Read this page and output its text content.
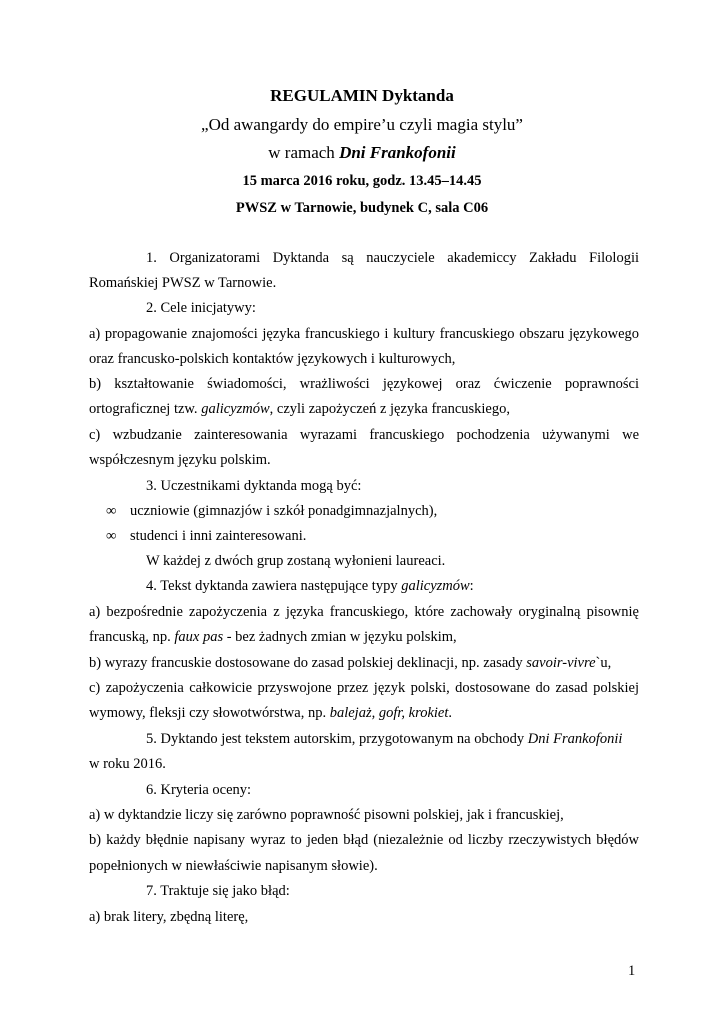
REGULAMIN Dyktanda
„Od awangardy do empire’u czyli magia stylu”
w ramach Dni Frankofonii
15 marca 2016 roku, godz. 13.45–14.45
PWSZ w Tarnowie, budynek C, sala C06
1. Organizatorami Dyktanda są nauczyciele akademiccy Zakładu Filologii
Romańskiej PWSZ w Tarnowie.
2. Cele inicjatywy:
a) propagowanie znajomości języka francuskiego i kultury francuskiego obszaru językowego
oraz francusko-polskich kontaktów językowych i kulturowych,
b) kształtowanie świadomości, wrażliwości językowej oraz ćwiczenie poprawności
ortograficznej tzw. galicyzmów, czyli zapożyczeń z języka francuskiego,
c) wzbudzanie zainteresowania wyrazami francuskiego pochodzenia używanymi we
współczesnym języku polskim.
3. Uczestnikami dyktanda mogą być:
∞ uczniowie (gimnazjów i szkół ponadgimnazjalnych),
∞ studenci i inni zainteresowani.
W każdej z dwóch grup zostaną wyłonieni laureaci.
4. Tekst dyktanda zawiera następujące typy galicyzmów:
a) bezpośrednie zapożyczenia z języka francuskiego, które zachowały oryginalną pisownię
francuską, np. faux pas - bez żadnych zmian w języku polskim,
b) wyrazy francuskie dostosowane do zasad polskiej deklinacji, np. zasady savoir-vivre`u,
c) zapożyczenia całkowicie przyswojone przez język polski, dostosowane do zasad polskiej
wymowy, fleksji czy słowotwórstwa, np. balejaż, gofr, krokiet.
5. Dyktando jest tekstem autorskim, przygotowanym na obchody Dni Frankofonii
w roku 2016.
6. Kryteria oceny:
a) w dyktandzie liczy się zarówno poprawność pisowni polskiej, jak i francuskiej,
b) każdy błędnie napisany wyraz to jeden błąd (niezależnie od liczby rzeczywistych błędów
popełnionych w niewłaściwie napisanym słowie).
7. Traktuje się jako błąd:
a) brak litery, zbędną literę,
1
